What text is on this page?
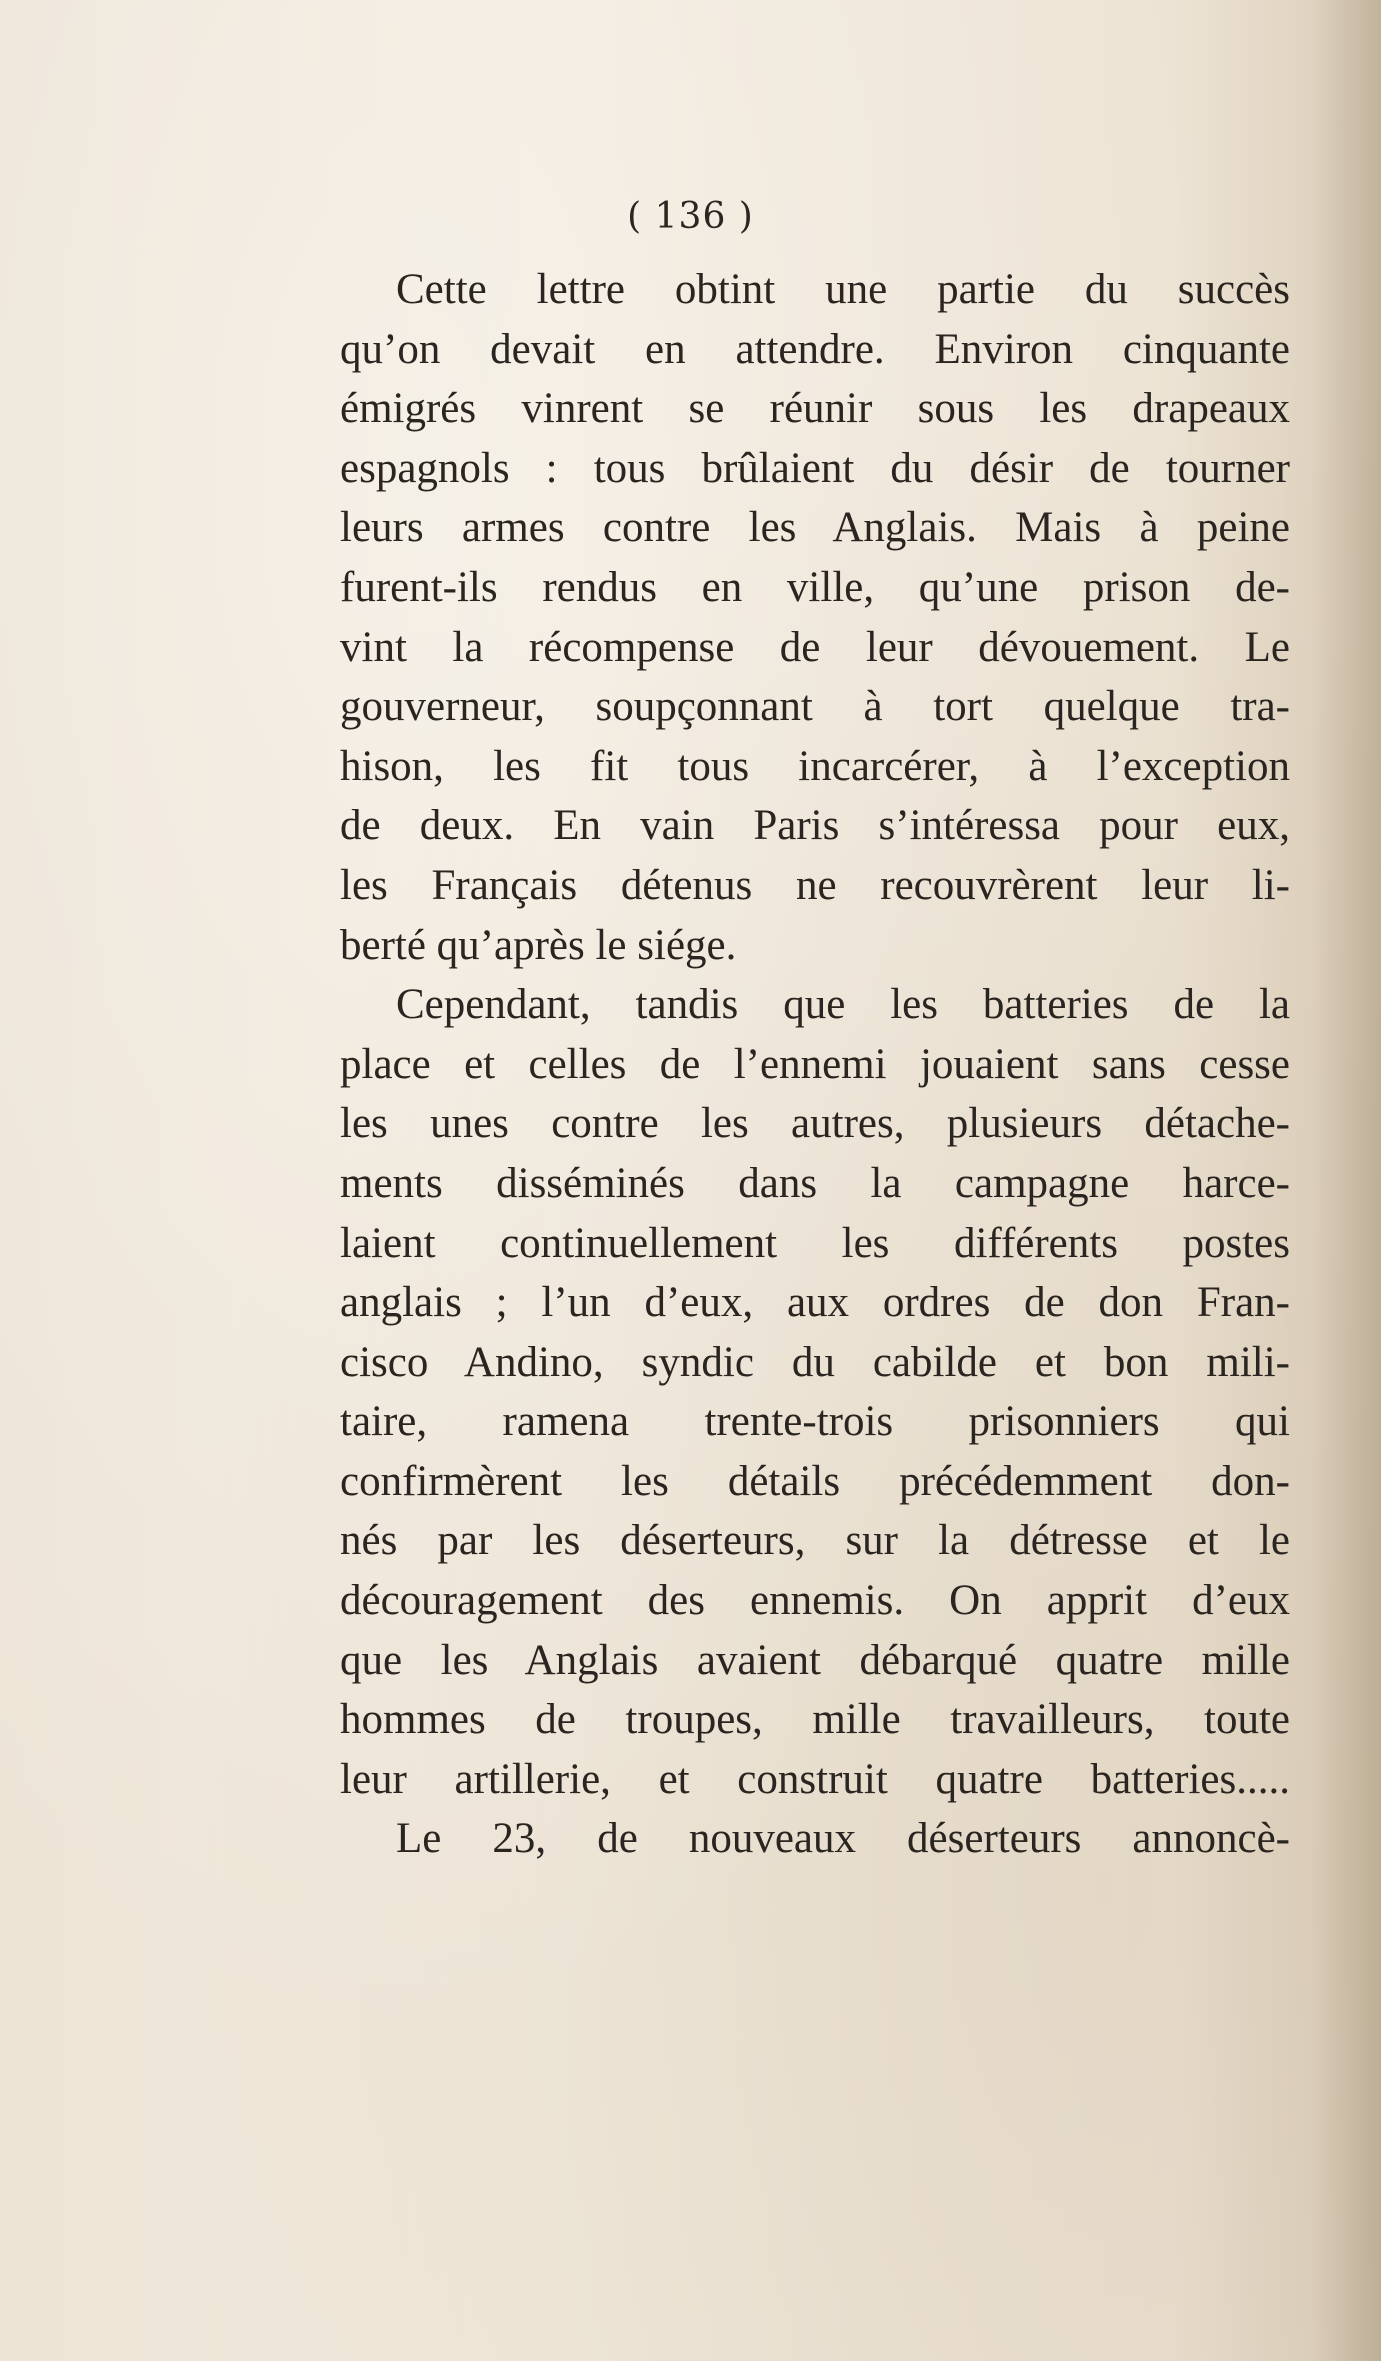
( 136 )
Cette lettre obtint une partie du succès
qu’on devait en attendre. Environ cinquante
émigrés vinrent se réunir sous les drapeaux
espagnols : tous brûlaient du désir de tourner
leurs armes contre les Anglais. Mais à peine
furent-ils rendus en ville, qu’une prison de-
vint la récompense de leur dévouement. Le
gouverneur, soupçonnant à tort quelque tra-
hison, les fit tous incarcérer, à l’exception
de deux. En vain Paris s’intéressa pour eux,
les Français détenus ne recouvrèrent leur li-
berté qu’après le siége.
Cependant, tandis que les batteries de la
place et celles de l’ennemi jouaient sans cesse
les unes contre les autres, plusieurs détache-
ments disséminés dans la campagne harce-
laient continuellement les différents postes
anglais ; l’un d’eux, aux ordres de don Fran-
cisco Andino, syndic du cabilde et bon mili-
taire, ramena trente-trois prisonniers qui
confirmèrent les détails précédemment don-
nés par les déserteurs, sur la détresse et le
découragement des ennemis. On apprit d’eux
que les Anglais avaient débarqué quatre mille
hommes de troupes, mille travailleurs, toute
leur artillerie, et construit quatre batteries.....
Le 23, de nouveaux déserteurs annoncè-
